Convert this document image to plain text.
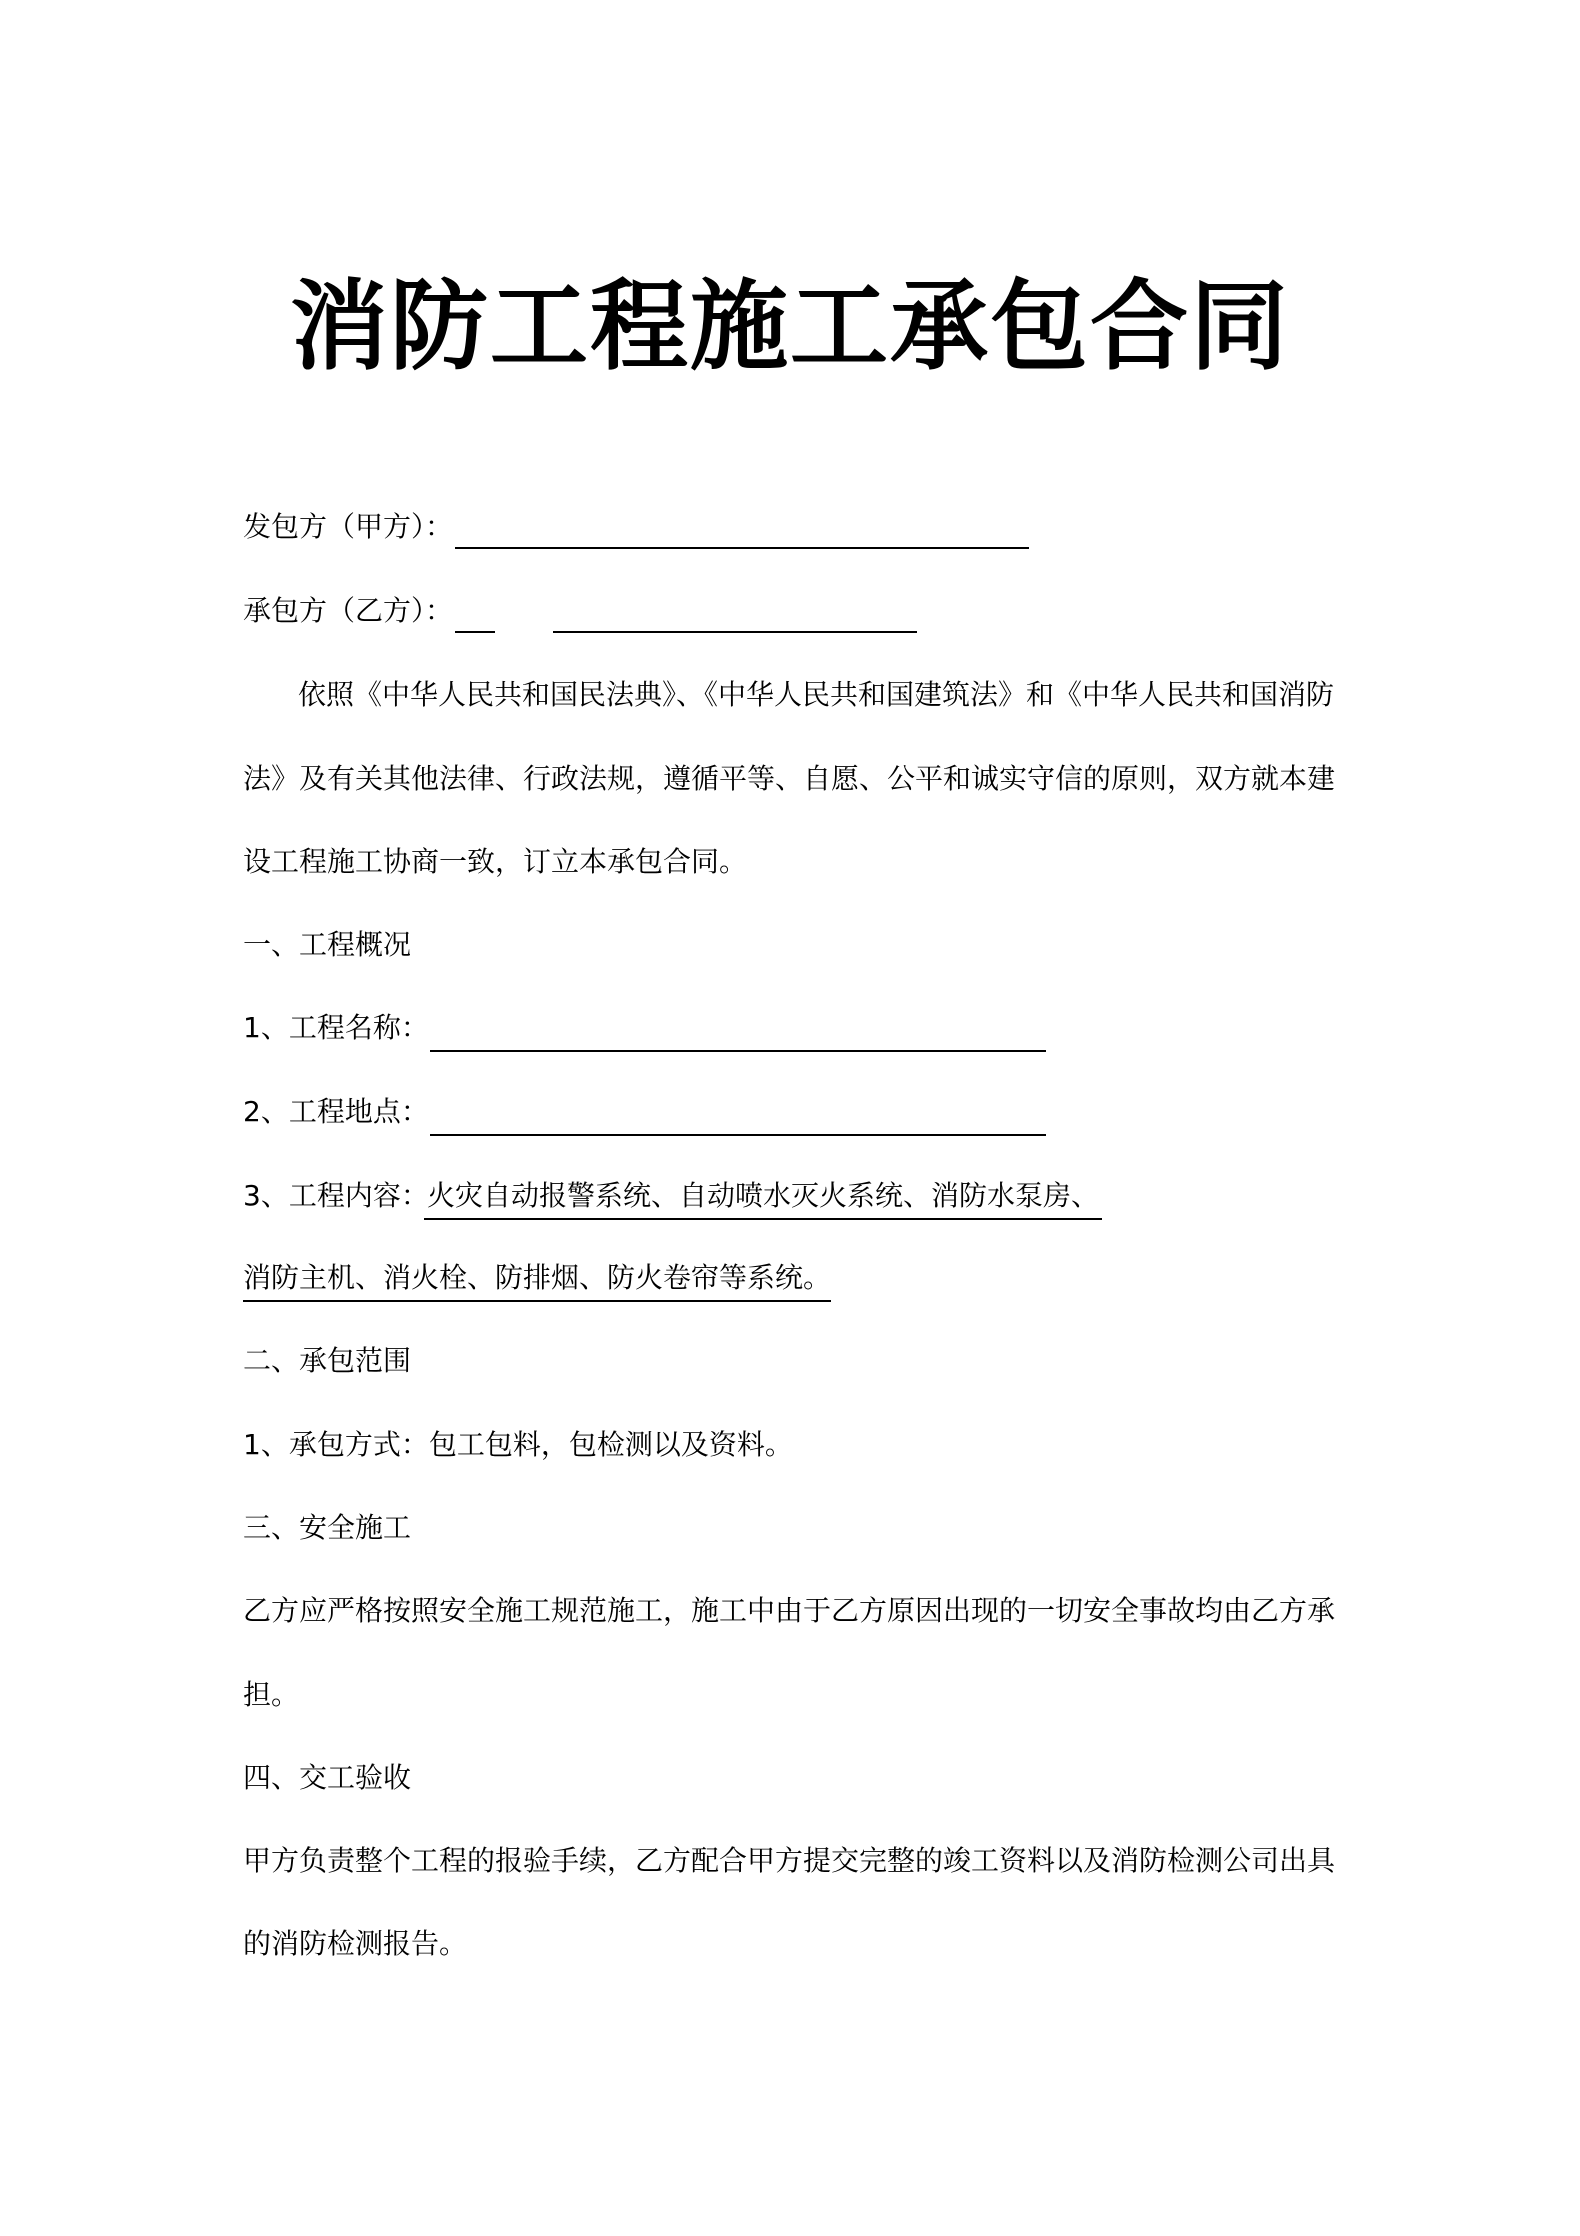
消防工程施工承包合同
发包方（甲方）：
承包方（乙方）：
依照《中华人民共和国民法典》、《中华人民共和国建筑法》和《中华人民共和国消防
法》及有关其他法律、行政法规，遵循平等、自愿、公平和诚实守信的原则，双方就本建
设工程施工协商一致，订立本承包合同。
一、工程概况
1、工程名称：
2、工程地点：
3、工程内容：
火灾自动报警系统、自动喷水灭火系统、消防水泵房、
消防主机、消火栓、防排烟、防火卷帘等系统。
二、承包范围
1、承包方式：包工包料，包检测以及资料。
三、安全施工
乙方应严格按照安全施工规范施工，施工中由于乙方原因出现的一切安全事故均由乙方承
担。
四、交工验收
甲方负责整个工程的报验手续，乙方配合甲方提交完整的竣工资料以及消防检测公司出具
的消防检测报告。
